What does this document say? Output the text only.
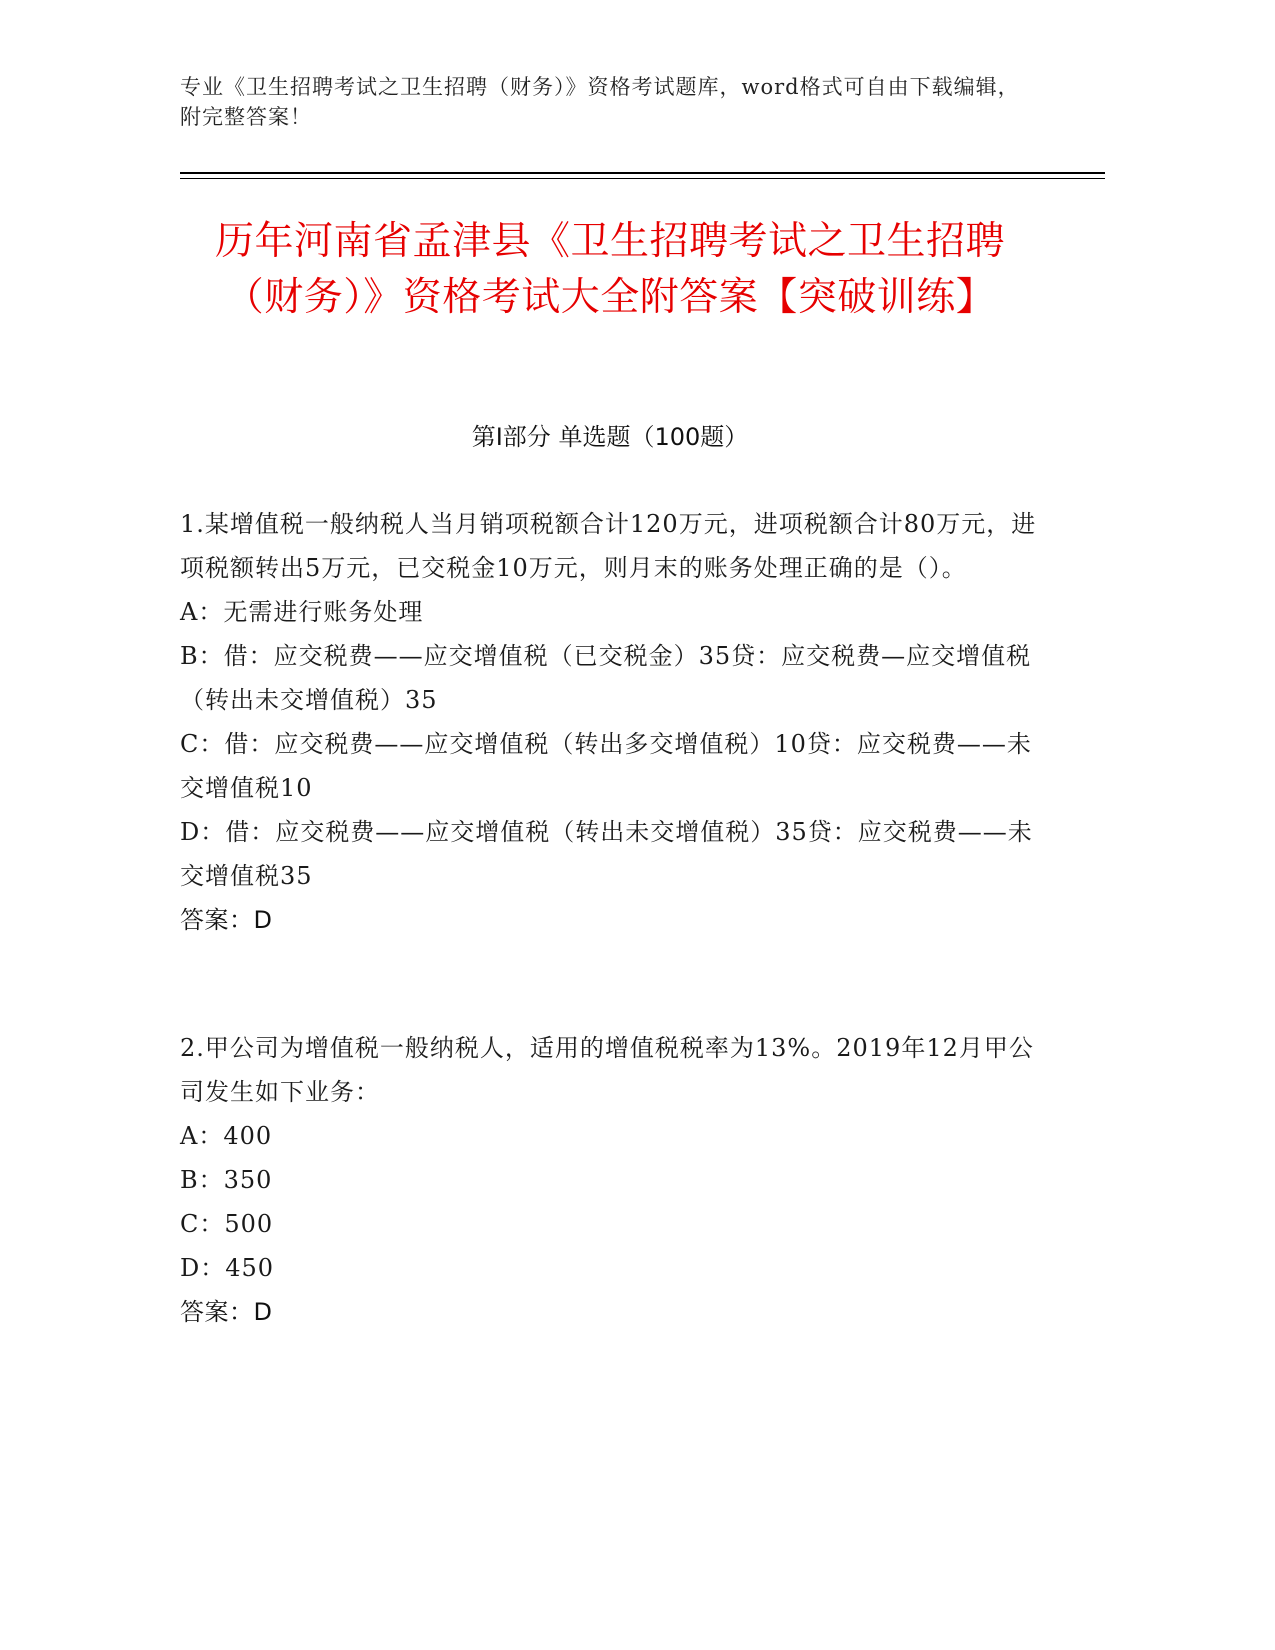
专业《卫生招聘考试之卫生招聘（财务）》资格考试题库，word格式可自由下载编辑，附完整答案！
历年河南省孟津县《卫生招聘考试之卫生招聘（财务）》资格考试大全附答案【突破训练】
第I部分 单选题（100题）
1.某增值税一般纳税人当月销项税额合计120万元，进项税额合计80万元，进项税额转出5万元，已交税金10万元，则月末的账务处理正确的是（）。
A：无需进行账务处理
B：借：应交税费——应交增值税（已交税金）35贷：应交税费—应交增值税（转出未交增值税）35
C：借：应交税费——应交增值税（转出多交增值税）10贷：应交税费——未交增值税10
D：借：应交税费——应交增值税（转出未交增值税）35贷：应交税费——未交增值税35
答案：D
2.甲公司为增值税一般纳税人，适用的增值税税率为13%。2019年12月甲公司发生如下业务：
A：400
B：350
C：500
D：450
答案：D
